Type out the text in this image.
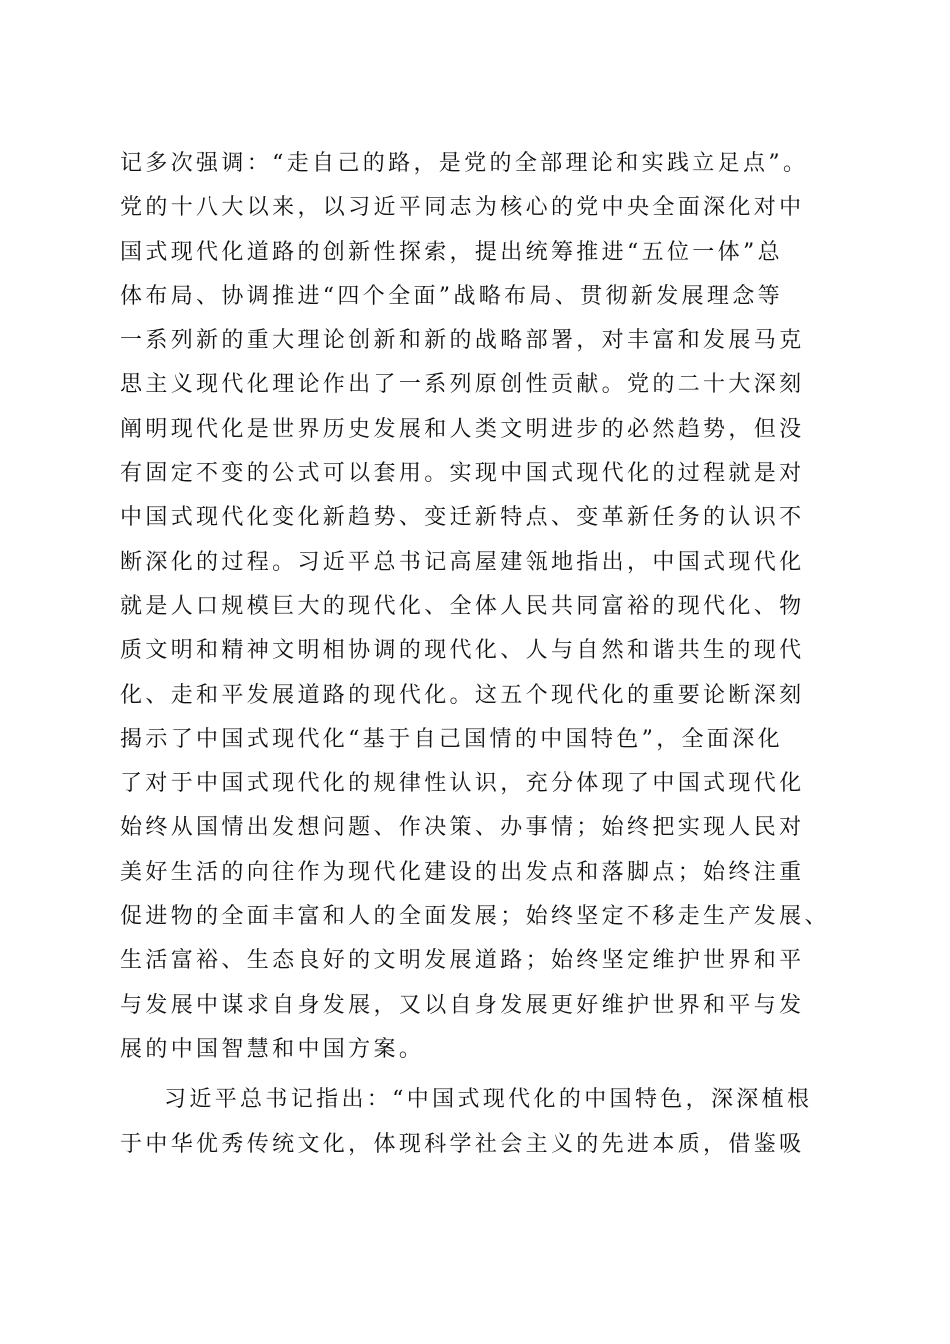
记多次强调：“走自己的路，是党的全部理论和实践立足点”。
党的十八大以来，以习近平同志为核心的党中央全面深化对中
国式现代化道路的创新性探索，提出统筹推进“五位一体”总
体布局、协调推进“四个全面”战略布局、贯彻新发展理念等
一系列新的重大理论创新和新的战略部署，对丰富和发展马克
思主义现代化理论作出了一系列原创性贡献。党的二十大深刻
阐明现代化是世界历史发展和人类文明进步的必然趋势，但没
有固定不变的公式可以套用。实现中国式现代化的过程就是对
中国式现代化变化新趋势、变迁新特点、变革新任务的认识不
断深化的过程。习近平总书记高屋建瓴地指出，中国式现代化
就是人口规模巨大的现代化、全体人民共同富裕的现代化、物
质文明和精神文明相协调的现代化、人与自然和谐共生的现代
化、走和平发展道路的现代化。这五个现代化的重要论断深刻
揭示了中国式现代化“基于自己国情的中国特色”，全面深化
了对于中国式现代化的规律性认识，充分体现了中国式现代化
始终从国情出发想问题、作决策、办事情；始终把实现人民对
美好生活的向往作为现代化建设的出发点和落脚点；始终注重
促进物的全面丰富和人的全面发展；始终坚定不移走生产发展、
生活富裕、生态良好的文明发展道路；始终坚定维护世界和平
与发展中谋求自身发展，又以自身发展更好维护世界和平与发
展的中国智慧和中国方案。
习近平总书记指出：“中国式现代化的中国特色，深深植根
于中华优秀传统文化，体现科学社会主义的先进本质，借鉴吸
